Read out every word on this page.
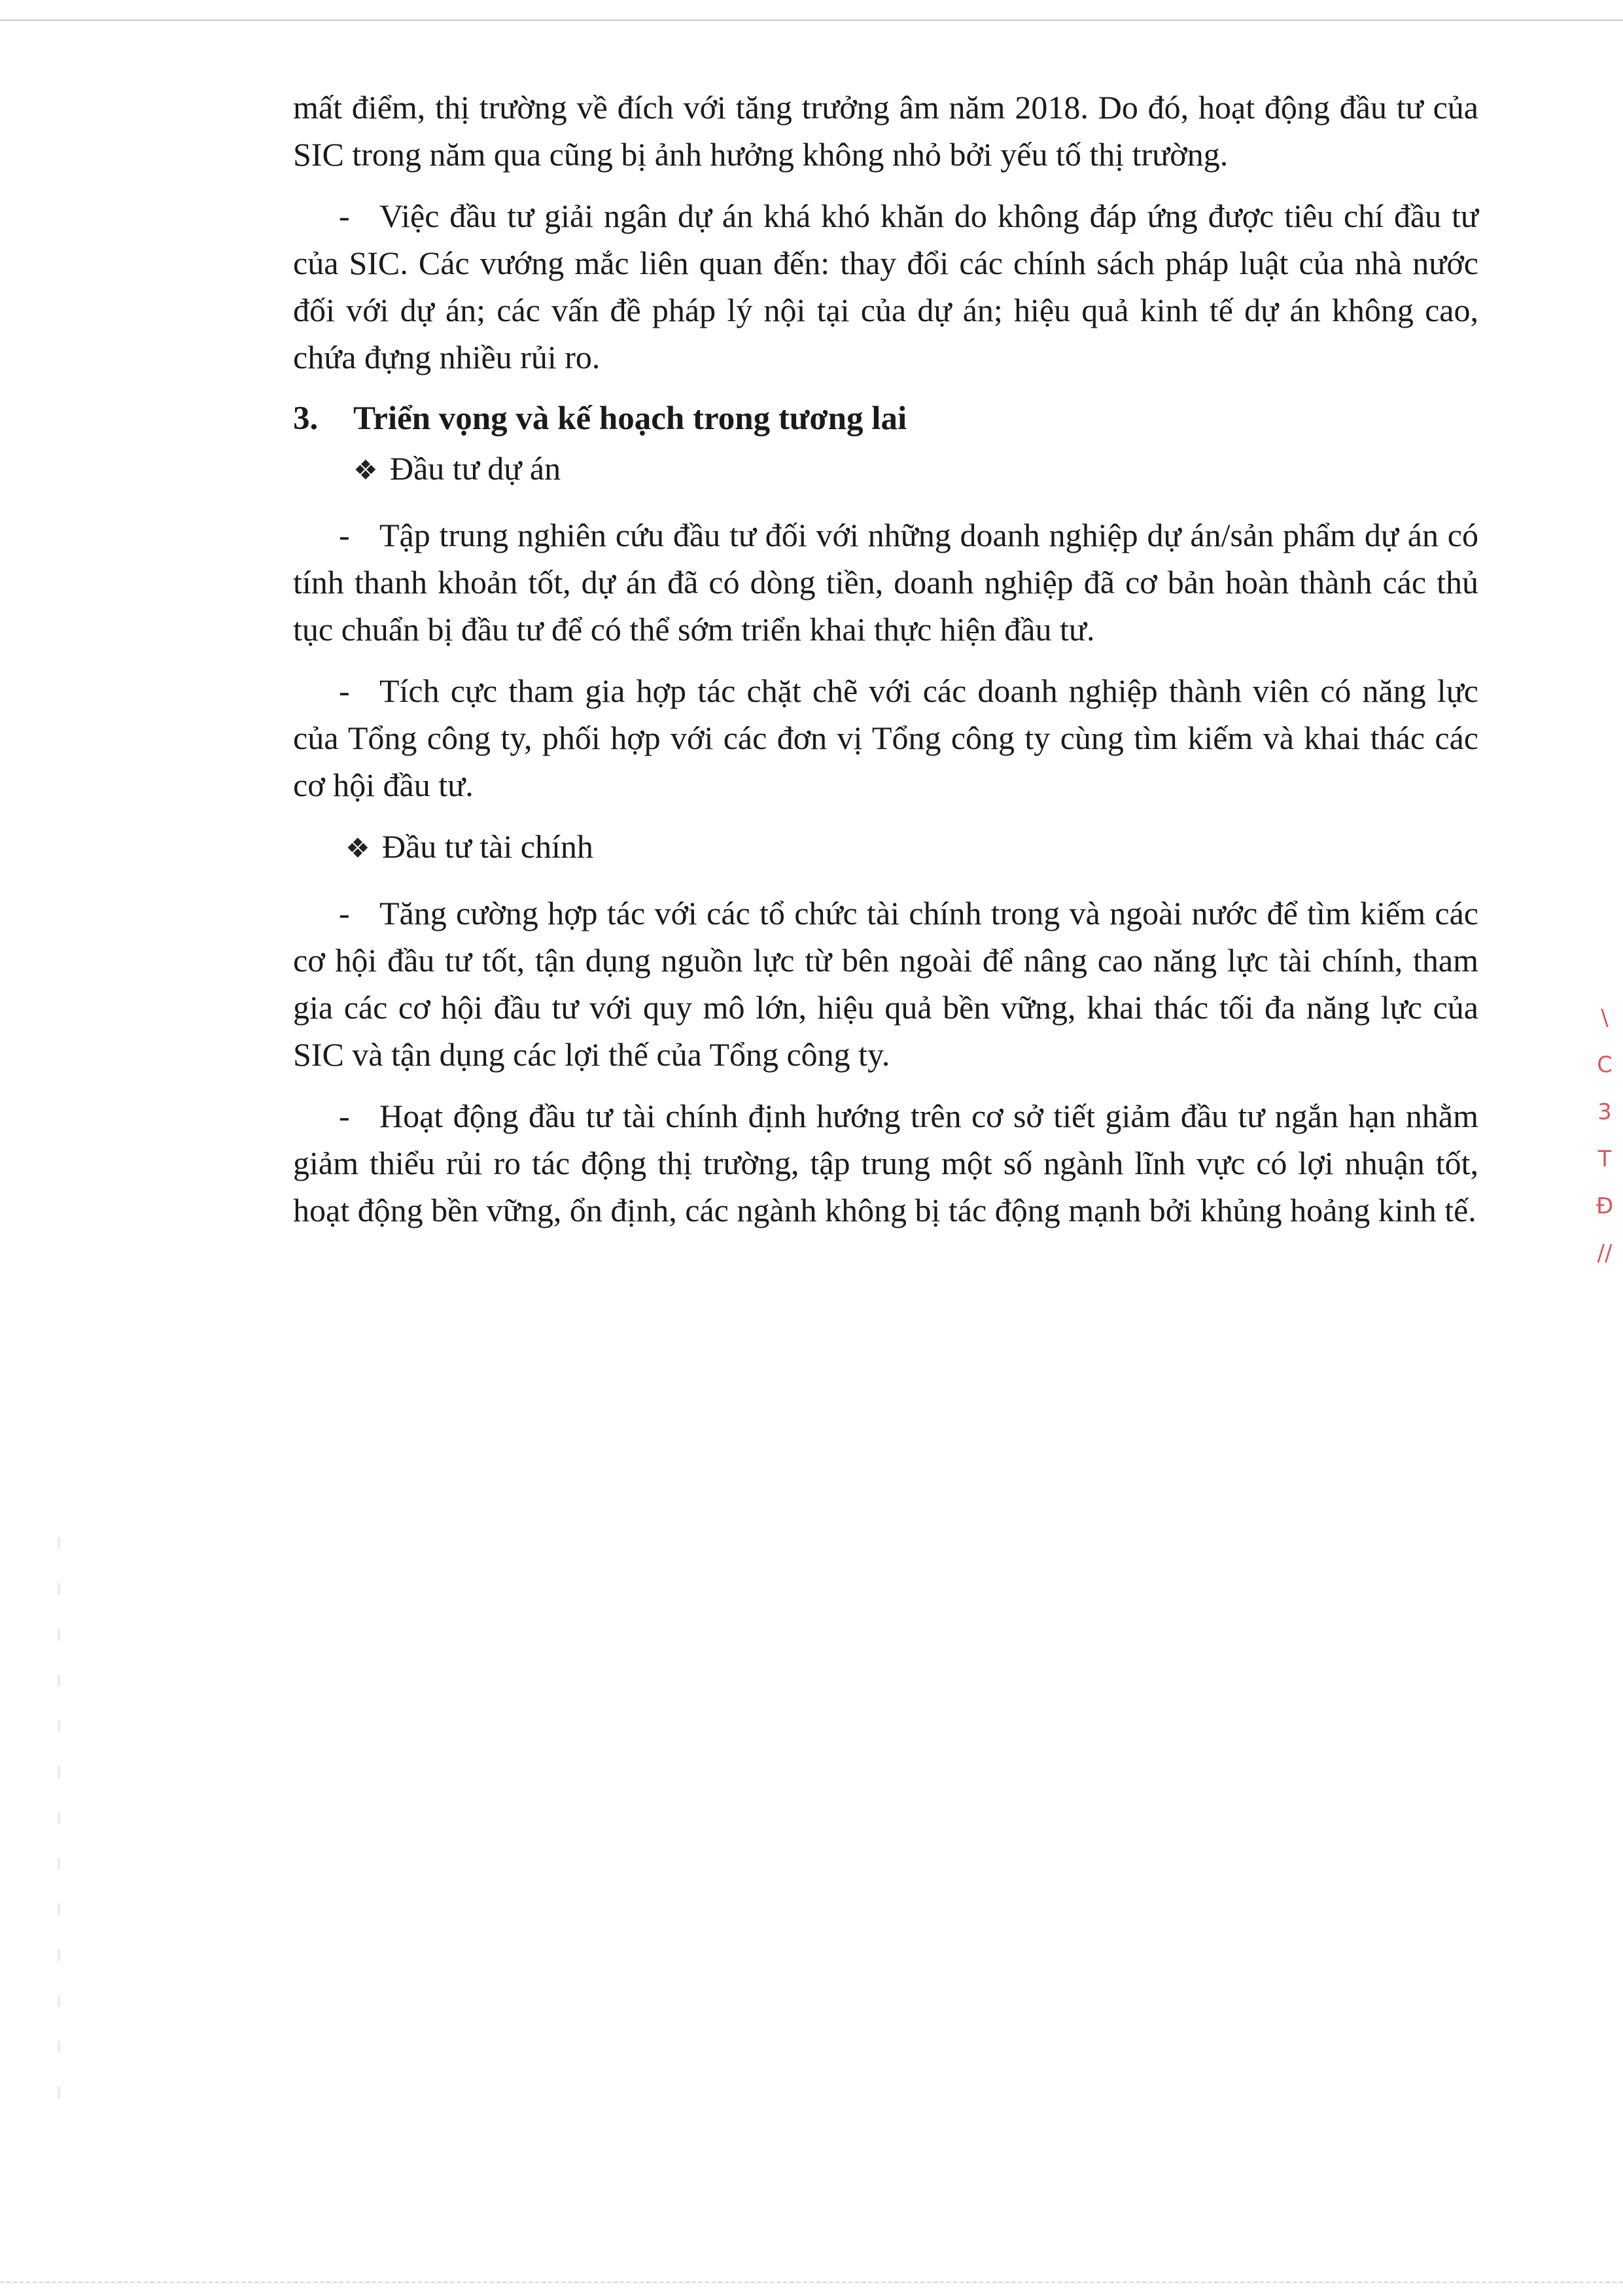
mất điểm, thị trường về đích với tăng trưởng âm năm 2018. Do đó, hoạt động đầu tư của SIC trong năm qua cũng bị ảnh hưởng không nhỏ bởi yếu tố thị trường.

- Việc đầu tư giải ngân dự án khá khó khăn do không đáp ứng được tiêu chí đầu tư của SIC. Các vướng mắc liên quan đến: thay đổi các chính sách pháp luật của nhà nước đối với dự án; các vấn đề pháp lý nội tại của dự án; hiệu quả kinh tế dự án không cao, chứa đựng nhiều rủi ro.

3. Triển vọng và kế hoạch trong tương lai
❖ Đầu tư dự án

- Tập trung nghiên cứu đầu tư đối với những doanh nghiệp dự án/sản phẩm dự án có tính thanh khoản tốt, dự án đã có dòng tiền, doanh nghiệp đã cơ bản hoàn thành các thủ tục chuẩn bị đầu tư để có thể sớm triển khai thực hiện đầu tư.

- Tích cực tham gia hợp tác chặt chẽ với các doanh nghiệp thành viên có năng lực của Tổng công ty, phối hợp với các đơn vị Tổng công ty cùng tìm kiếm và khai thác các cơ hội đầu tư.

❖ Đầu tư tài chính

- Tăng cường hợp tác với các tổ chức tài chính trong và ngoài nước để tìm kiếm các cơ hội đầu tư tốt, tận dụng nguồn lực từ bên ngoài để nâng cao năng lực tài chính, tham gia các cơ hội đầu tư với quy mô lớn, hiệu quả bền vững, khai thác tối đa năng lực của SIC và tận dụng các lợi thế của Tổng công ty.

- Hoạt động đầu tư tài chính định hướng trên cơ sở tiết giảm đầu tư ngắn hạn nhằm giảm thiểu rủi ro tác động thị trường, tập trung một số ngành lĩnh vực có lợi nhuận tốt, hoạt động bền vững, ổn định, các ngành không bị tác động mạnh bởi khủng hoảng kinh tế.

\
C
3
T
Đ
//
